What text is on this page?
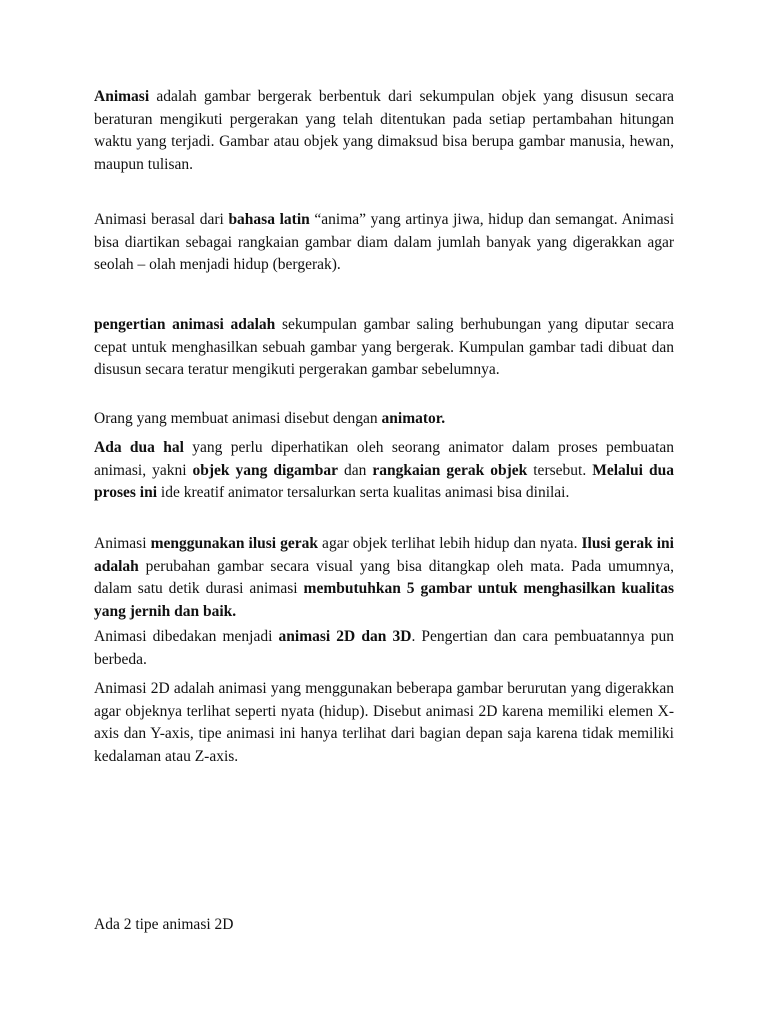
Animasi adalah gambar bergerak berbentuk dari sekumpulan objek yang disusun secara beraturan mengikuti pergerakan yang telah ditentukan pada setiap pertambahan hitungan waktu yang terjadi. Gambar atau objek yang dimaksud bisa berupa gambar manusia, hewan, maupun tulisan.

Animasi berasal dari bahasa latin “anima” yang artinya jiwa, hidup dan semangat. Animasi bisa diartikan sebagai rangkaian gambar diam dalam jumlah banyak yang digerakkan agar seolah – olah menjadi hidup (bergerak).

pengertian animasi adalah sekumpulan gambar saling berhubungan yang diputar secara cepat untuk menghasilkan sebuah gambar yang bergerak. Kumpulan gambar tadi dibuat dan disusun secara teratur mengikuti pergerakan gambar sebelumnya.

Orang yang membuat animasi disebut dengan animator.

Ada dua hal yang perlu diperhatikan oleh seorang animator dalam proses pembuatan animasi, yakni objek yang digambar dan rangkaian gerak objek tersebut. Melalui dua proses ini ide kreatif animator tersalurkan serta kualitas animasi bisa dinilai.

Animasi menggunakan ilusi gerak agar objek terlihat lebih hidup dan nyata. Ilusi gerak ini adalah perubahan gambar secara visual yang bisa ditangkap oleh mata. Pada umumnya, dalam satu detik durasi animasi membutuhkan 5 gambar untuk menghasilkan kualitas yang jernih dan baik.

Animasi dibedakan menjadi animasi 2D dan 3D. Pengertian dan cara pembuatannya pun berbeda.

Animasi 2D adalah animasi yang menggunakan beberapa gambar berurutan yang digerakkan agar objeknya terlihat seperti nyata (hidup). Disebut animasi 2D karena memiliki elemen X-axis dan Y-axis, tipe animasi ini hanya terlihat dari bagian depan saja karena tidak memiliki kedalaman atau Z-axis.

Ada 2 tipe animasi 2D
